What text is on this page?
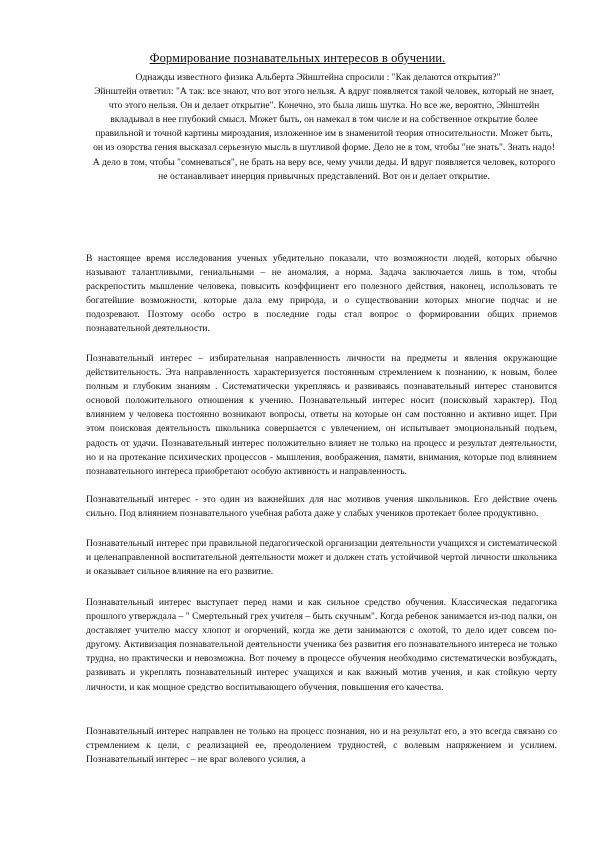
Формирование познавательных интересов в обучении.
Однажды известного физика Альберта Эйнштейна спросили : "Как делаются открытия?"
Эйнштейн ответил: "А так: все знают, что вот этого нельзя. А вдруг появляется такой человек, который не знает, что этого нельзя. Он и делает открытие". Конечно, это была лишь шутка. Но все же, вероятно, Эйнштейн вкладывал в нее глубокий смысл. Может быть, он намекал в том числе и на собственное открытие более правильной и точной картины мироздания, изложенное им в знаменитой теория относительности. Может быть, он из озорства гения высказал серьезную мысль в шутливой форме. Дело не в том, чтобы "не знать". Знать надо! А дело в том, чтобы "сомневаться", не брать на веру все, чему учили деды. И вдруг появляется человек, которого не останавливает инерция привычных представлений. Вот он и делает открытие.

В настоящее время исследования ученых убедительно показали, что возможности людей, которых обычно называют талантливыми, гениальными – не аномалия, а норма. Задача заключается лишь в том, чтобы раскрепостить мышление человека, повысить коэффициент его полезного действия, наконец, использовать те богатейшие возможности, которые дала ему природа, и о существовании которых многие подчас и не подозревают. Поэтому особо остро в последние годы стал вопрос о формировании общих приемов познавательной деятельности.

Познавательный интерес – избирательная направленность личности на предметы и явления окружающие действительность. Эта направленность характеризуется постоянным стремлением к познанию, к новым, более полным и глубоким знаниям . Систематически укрепляясь и развиваясь познавательный интерес становится основой положительного отношения к учению. Познавательный интерес носит (поисковый характер). Под влиянием у человека постоянно возникают вопросы, ответы на которые он сам постоянно и активно ищет. При этом поисковая деятельность школьника совершается с увлечением, он испытывает эмоциональный подъем, радость от удачи. Познавательный интерес положительно влияет не только на процесс и результат деятельности, но и на протекание психических процессов - мышления, воображения, памяти, внимания, которые под влиянием познавательного интереса приобретают особую активность и направленность.

Познавательный интерес - это один из важнейших для нас мотивов учения школьников. Его действие очень сильно. Под влиянием познавательного учебная работа даже у слабых учеников протекает более продуктивно.

Познавательный интерес при правильной педагогической организации деятельности учащихся и систематической и целенаправленной воспитательной деятельности может и должен стать устойчивой чертой личности школьника и оказывает сильное влияние на его развитие.

Познавательный интерес выступает перед нами и как сильное средство обучения. Классическая педагогика прошлого утверждала – " Смертельный грех учителя – быть скучным". Когда ребенок занимается из-под палки, он доставляет учителю массу хлопот и огорчений, когда же дети занимаются с охотой, то дело идет совсем по-другому. Активизация познавательной деятельности ученика без развития его познавательного интереса не только трудна, но практически и невозможна. Вот почему в процессе обучения необходимо систематически возбуждать, развивать и укреплять познавательный интерес учащихся и как важный мотив учения, и как стойкую черту личности, и как мощное средство воспитывающего обучения, повышения его качества.

Познавательный интерес направлен не только на процесс познания, но и на результат его, а это всегда связано со стремлением к цели, с реализацией ее, преодолением трудностей, с волевым напряжением и усилием. Познавательный интерес – не враг волевого усилия, а
